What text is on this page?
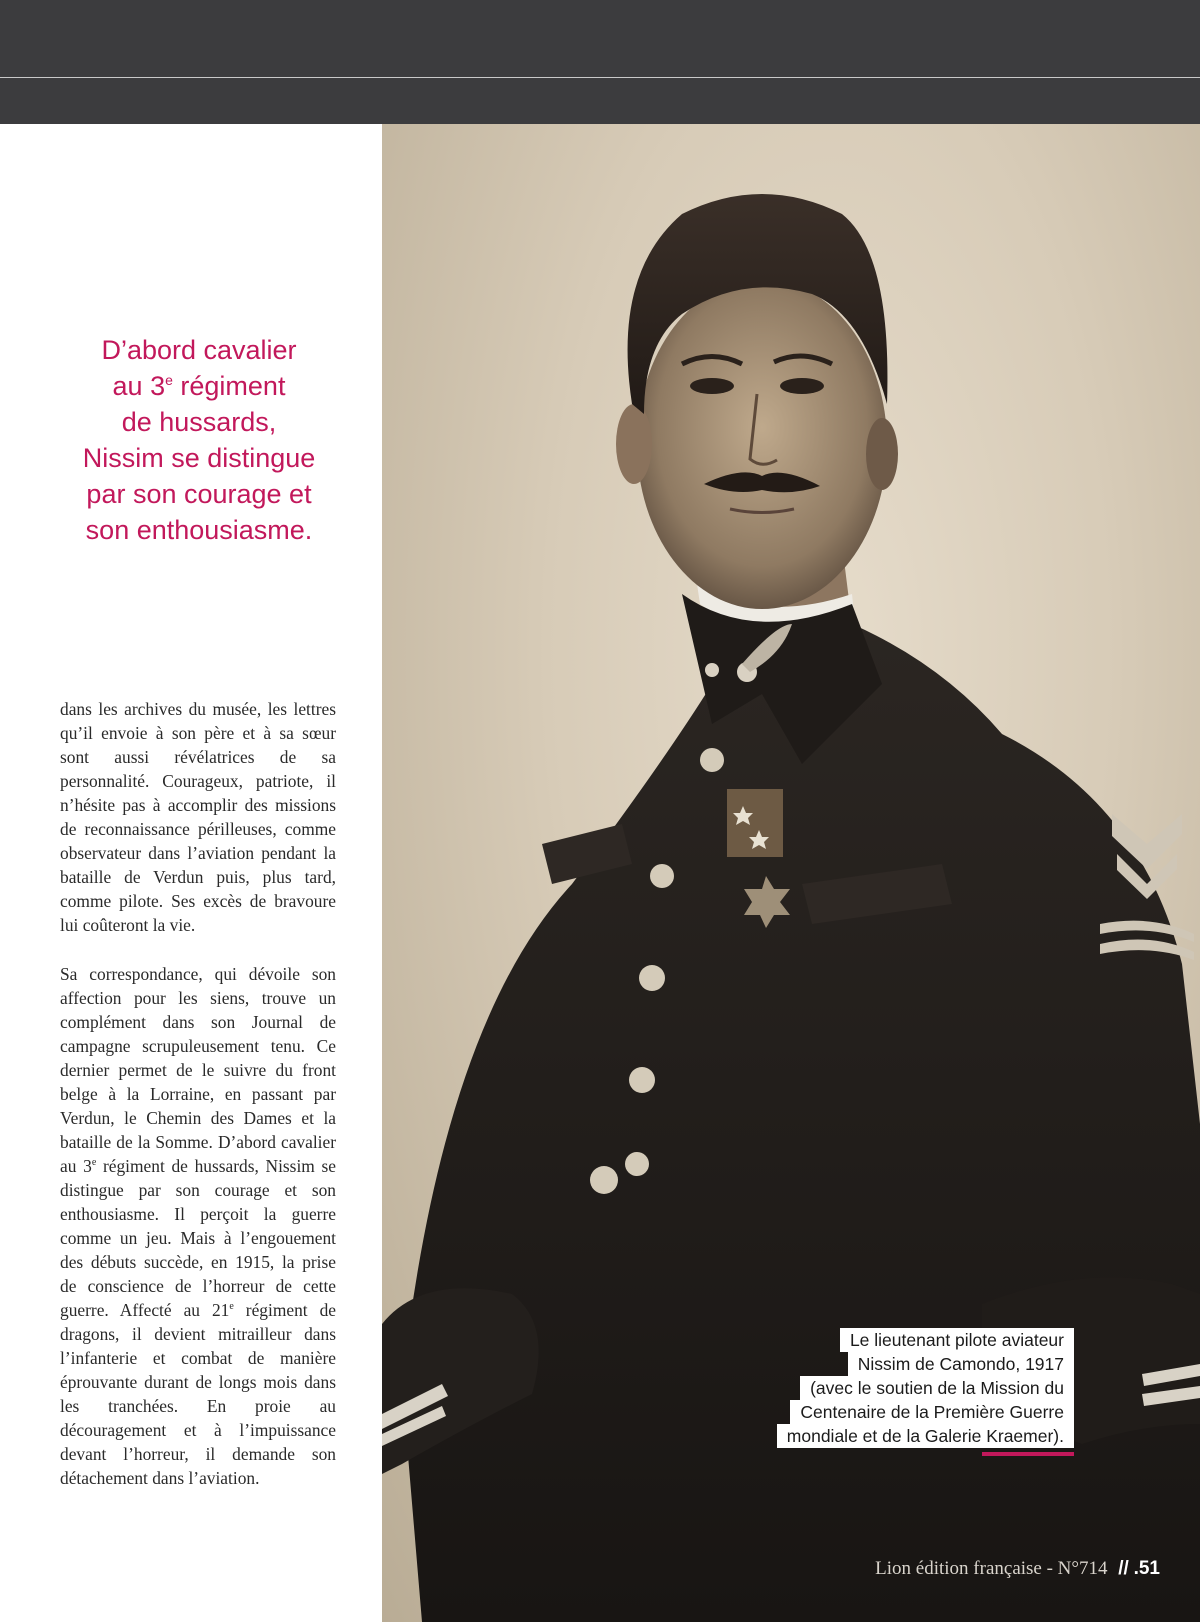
D’abord cavalier
au 3e régiment
de hussards,
Nissim se distingue
par son courage et
son enthousiasme.
dans les archives du musée, les lettres qu’il envoie à son père et à sa sœur sont aussi révélatrices de sa personnalité. Courageux, patriote, il n’hésite pas à accomplir des missions de reconnaissance périlleuses, comme observateur dans l’aviation pendant la bataille de Verdun puis, plus tard, comme pilote. Ses excès de bravoure lui coûteront la vie.
Sa correspondance, qui dévoile son affection pour les siens, trouve un complément dans son Journal de campagne scrupuleusement tenu. Ce dernier permet de le suivre du front belge à la Lorraine, en passant par Verdun, le Chemin des Dames et la bataille de la Somme. D’abord cavalier au 3e régiment de hussards, Nissim se distingue par son courage et son enthousiasme. Il perçoit la guerre comme un jeu. Mais à l’engouement des débuts succède, en 1915, la prise de conscience de l’horreur de cette guerre. Affecté au 21e régiment de dragons, il devient mitrailleur dans l’infanterie et combat de manière éprouvante durant de longs mois dans les tranchées. En proie au découragement et à l’impuissance devant l’horreur, il demande son détachement dans l’aviation.
Le lieutenant pilote aviateur
Nissim de Camondo, 1917
(avec le soutien de la Mission du
Centenaire de la Première Guerre
mondiale et de la Galerie Kraemer).
Lion édition française - N°714 // .51
